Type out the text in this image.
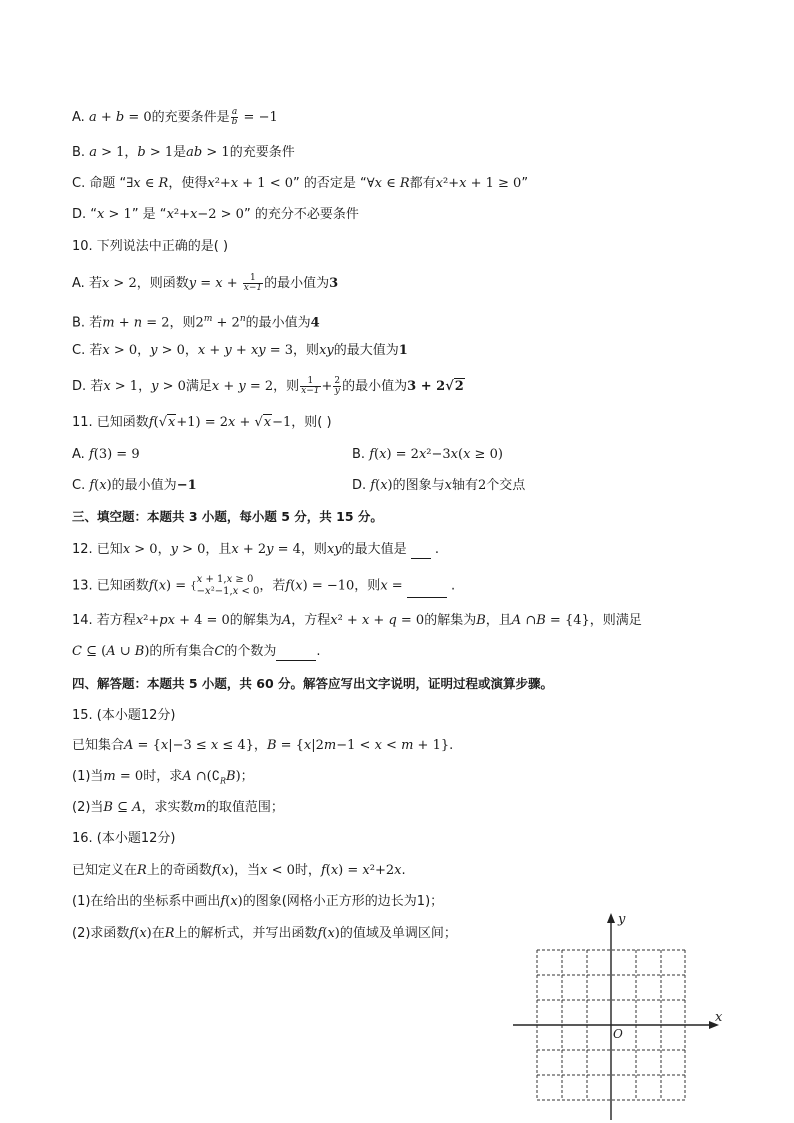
A. a + b = 0的充要条件是 $\frac{a}{b} = -1$
B. a > 1，b > 1是ab > 1的充要条件
C. 命题 “∃x ∈ R，使得x²+x + 1 < 0” 的否定是 “∀x ∈ R都有x²+x + 1 ≥ 0”
D. “x > 1” 是 “x²+x−2 > 0” 的充分不必要条件
10. 下列说法中正确的是( )
A. 若x > 2，则函数$y = x + \frac{1}{x-1}$ 的最小值为3
B. 若m + n = 2，则$2^m + 2^n$的最小值为4
C. 若x > 0，y > 0，x + y + xy = 3，则xy的最大值为1
D. 若x > 1，y > 0满足x + y = 2，则 $\frac{1}{x-1} + \frac{2}{y}$ 的最小值为3 + 2√2
11. 已知函数f(√x+1) = 2x + √x−1，则( )
A. f(3) = 9	B. f(x) = 2x²−3x(x ≥ 0)
C. f(x)的最小值为−1	D. f(x)的图象与x轴有2个交点
三、填空题：本题共 3 小题，每小题 5 分，共 15 分。
12. 已知x > 0，y > 0，且x + 2y = 4，则xy的最大值是 .
13. 已知函数f(x) = {x + 1,x ≥ 0
−x²−1,x < 0，若f(x) = −10，则x =	.
14. 若方程x²+px + 4 = 0的解集为A，方程x² + x + q = 0的解集为B，且A ∩B = {4}，则满足
C ⊆ (A ∪ B)的所有集合C的个数为	.
四、解答题：本题共 5 小题，共 60 分。解答应写出文字说明，证明过程或演算步骤。
15. (本小题12分)
已知集合A = {x|−3 ≤ x ≤ 4}，B = {x|2m−1 < x < m + 1}.
(1)当m = 0时，求A $\cap(∁_RB)$；
(2)当B ⊆ A，求实数m的取值范围；
16. (本小题12分)
已知定义在R上的奇函数f(x)，当x < 0时，f(x) = x²+2x.
(1)在给出的坐标系中画出f(x)的图象(网格小正方形的边长为1)；
(2)求函数f(x)在R上的解析式，并写出函数f(x)的值域及单调区间；
x
y
O
